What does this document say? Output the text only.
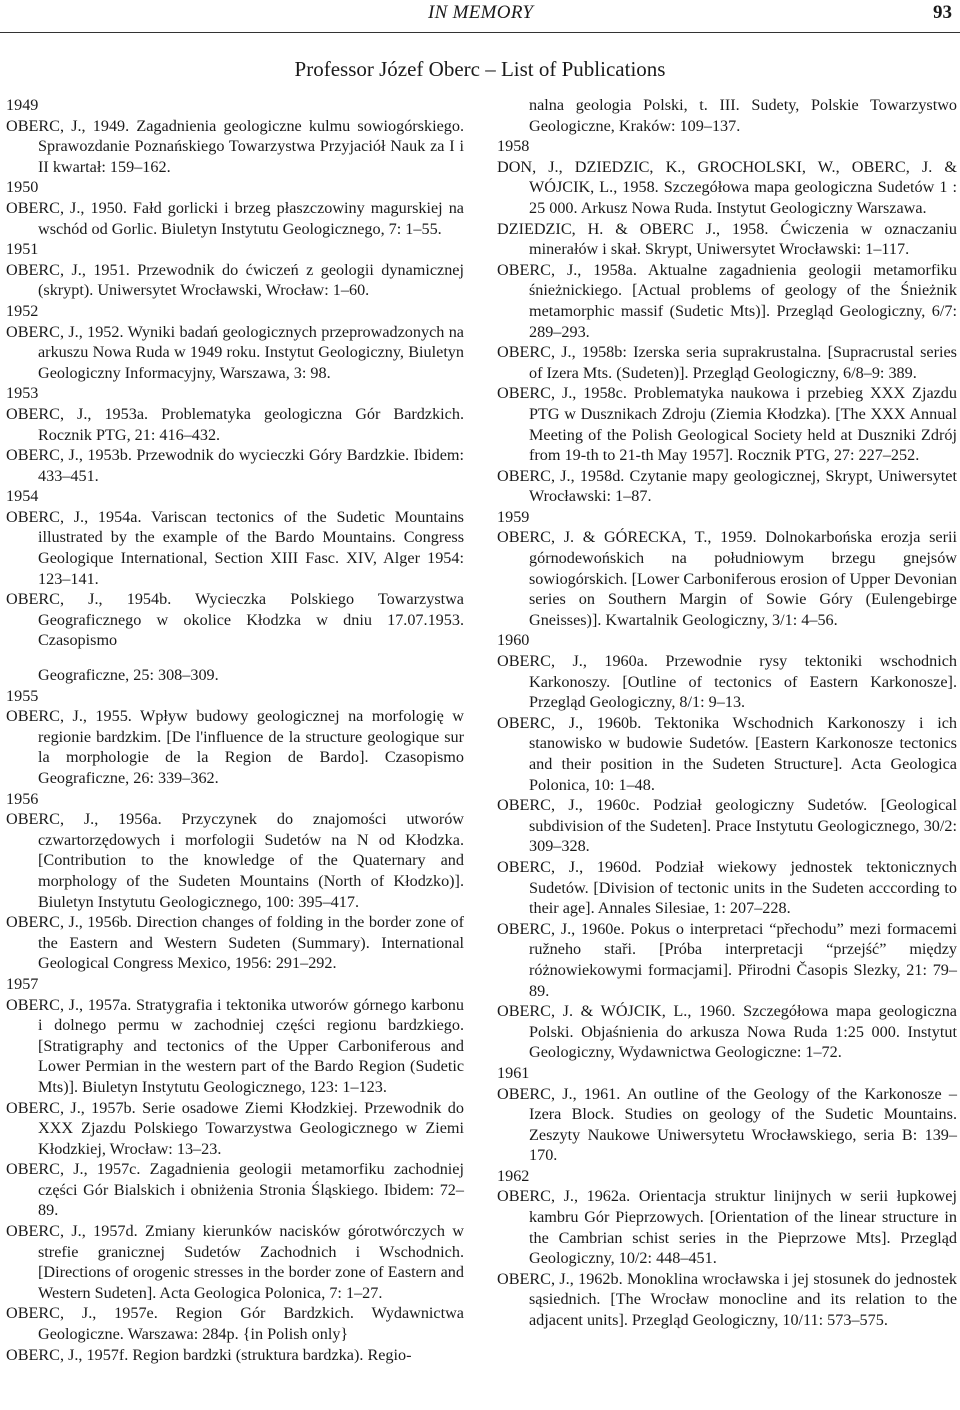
IN MEMORY	93
Professor Józef Oberc – List of Publications

1949

OBERC, J., 1949. Zagadnienia geologiczne kulmu sowiogórskiego. Sprawozdanie Poznańskiego Towarzystwa Przyjaciół Nauk za I i II kwartał: 159–162.

1950

OBERC, J., 1950. Fałd gorlicki i brzeg płaszczowiny magurskiej na wschód od Gorlic. Biuletyn Instytutu Geologicznego, 7: 1–55.

1951

OBERC, J., 1951. Przewodnik do ćwiczeń z geologii dynamicznej (skrypt). Uniwersytet Wrocławski, Wrocław: 1–60.

1952

OBERC, J., 1952. Wyniki badań geologicznych przeprowadzonych na arkuszu Nowa Ruda w 1949 roku. Instytut Geologiczny, Biuletyn Geologiczny Informacyjny, Warszawa, 3: 98.

1953

OBERC, J., 1953a. Problematyka geologiczna Gór Bardzkich. Rocznik PTG, 21: 416–432.

OBERC, J., 1953b. Przewodnik do wycieczki Góry Bardzkie. Ibidem: 433–451.

1954

OBERC, J., 1954a. Variscan tectonics of the Sudetic Mountains illustrated by the example of the Bardo Mountains. Congress Geologique International, Section XIII Fasc. XIV, Alger 1954: 123–141.

OBERC, J., 1954b. Wycieczka Polskiego Towarzystwa Geograficznego w okolice Kłodzka w dniu 17.07.1953. Czasopismo

Geograficzne, 25: 308–309.

1955

OBERC, J., 1955. Wpływ budowy geologicznej na morfologię w regionie bardzkim. [De l'influence de la structure geologique sur la morphologie de la Region de Bardo]. Czasopismo Geograficzne, 26: 339–362.

1956

OBERC, J., 1956a. Przyczynek do znajomości utworów czwartorzędowych i morfologii Sudetów na N od Kłodzka. [Contribution to the knowledge of the Quaternary and morphology of the Sudeten Mountains (North of Kłodzko)]. Biuletyn Instytutu Geologicznego, 100: 395–417.

OBERC, J., 1956b. Direction changes of folding in the border zone of the Eastern and Western Sudeten (Summary). International Geological Congress Mexico, 1956: 291–292.

1957

OBERC, J., 1957a. Stratygrafia i tektonika utworów górnego karbonu i dolnego permu w zachodniej części regionu bardzkiego. [Stratigraphy and tectonics of the Upper Carboniferous and Lower Permian in the western part of the Bardo Region (Sudetic Mts)]. Biuletyn Instytutu Geologicznego, 123: 1–123.

OBERC, J., 1957b. Serie osadowe Ziemi Kłodzkiej. Przewodnik do XXX Zjazdu Polskiego Towarzystwa Geologicznego w Ziemi Kłodzkiej, Wrocław: 13–23.

OBERC, J., 1957c. Zagadnienia geologii metamorfiku zachodniej części Gór Bialskich i obniżenia Stronia Śląskiego. Ibidem: 72–89.

OBERC, J., 1957d. Zmiany kierunków nacisków górotwórczych w strefie granicznej Sudetów Zachodnich i Wschodnich. [Directions of orogenic stresses in the border zone of Eastern and Western Sudeten]. Acta Geologica Polonica, 7: 1–27.

OBERC, J., 1957e. Region Gór Bardzkich. Wydawnictwa Geologiczne. Warszawa: 284p. {in Polish only}

OBERC, J., 1957f. Region bardzki (struktura bardzka). Regio-

nalna geologia Polski, t. III. Sudety, Polskie Towarzystwo Geologiczne, Kraków: 109–137.

1958

DON, J., DZIEDZIC, K., GROCHOLSKI, W., OBERC, J. & WÓJCIK, L., 1958. Szczegółowa mapa geologiczna Sudetów 1 : 25 000. Arkusz Nowa Ruda. Instytut Geologiczny Warszawa.

DZIEDZIC, H. & OBERC J., 1958. Ćwiczenia w oznaczaniu minerałów i skał. Skrypt, Uniwersytet Wrocławski: 1–117.

OBERC, J., 1958a. Aktualne zagadnienia geologii metamorfiku śnieżnickiego. [Actual problems of geology of the Śnieżnik metamorphic massif (Sudetic Mts)]. Przegląd Geologiczny, 6/7: 289–293.

OBERC, J., 1958b: Izerska seria suprakrustalna. [Supracrustal series of Izera Mts. (Sudeten)]. Przegląd Geologiczny, 6/8–9: 389.

OBERC, J., 1958c. Problematyka naukowa i przebieg XXX Zjazdu PTG w Dusznikach Zdroju (Ziemia Kłodzka). [The XXX Annual Meeting of the Polish Geological Society held at Duszniki Zdrój from 19-th to 21-th May 1957]. Rocznik PTG, 27: 227–252.

OBERC, J., 1958d. Czytanie mapy geologicznej, Skrypt, Uniwersytet Wrocławski: 1–87.

1959

OBERC, J. & GÓRECKA, T., 1959. Dolnokarbońska erozja serii górnodewońskich na południowym brzegu gnejsów sowiogórskich. [Lower Carboniferous erosion of Upper Devonian series on Southern Margin of Sowie Góry (Eulengebirge Gneisses)]. Kwartalnik Geologiczny, 3/1: 4–56.

1960

OBERC, J., 1960a. Przewodnie rysy tektoniki wschodnich Karkonoszy. [Outline of tectonics of Eastern Karkonosze]. Przegląd Geologiczny, 8/1: 9–13.

OBERC, J., 1960b. Tektonika Wschodnich Karkonoszy i ich stanowisko w budowie Sudetów. [Eastern Karkonosze tectonics and their position in the Sudeten Structure]. Acta Geologica Polonica, 10: 1–48.

OBERC, J., 1960c. Podział geologiczny Sudetów. [Geological subdivision of the Sudeten]. Prace Instytutu Geologicznego, 30/2: 309–328.

OBERC, J., 1960d. Podział wiekowy jednostek tektonicznych Sudetów. [Division of tectonic units in the Sudeten acccording to their age]. Annales Silesiae, 1: 207–228.

OBERC, J., 1960e. Pokus o interpretaci “přechodu” mezi formacemi ružneho staři. [Próba interpretacji “przejść” między różnowiekowymi formacjami]. Přirodni Časopis Slezky, 21: 79–89.

OBERC, J. & WÓJCIK, L., 1960. Szczegółowa mapa geologiczna Polski. Objaśnienia do arkusza Nowa Ruda 1:25 000. Instytut Geologiczny, Wydawnictwa Geologiczne: 1–72.

1961

OBERC, J., 1961. An outline of the Geology of the Karkonosze – Izera Block. Studies on geology of the Sudetic Mountains. Zeszyty Naukowe Uniwersytetu Wrocławskiego, seria B: 139–170.

1962

OBERC, J., 1962a. Orientacja struktur linijnych w serii łupkowej kambru Gór Pieprzowych. [Orientation of the linear structure in the Cambrian schist series in the Pieprzowe Mts]. Przegląd Geologiczny, 10/2: 448–451.

OBERC, J., 1962b. Monoklina wrocławska i jej stosunek do jednostek sąsiednich. [The Wrocław monocline and its relation to the adjacent units]. Przegląd Geologiczny, 10/11: 573–575.
